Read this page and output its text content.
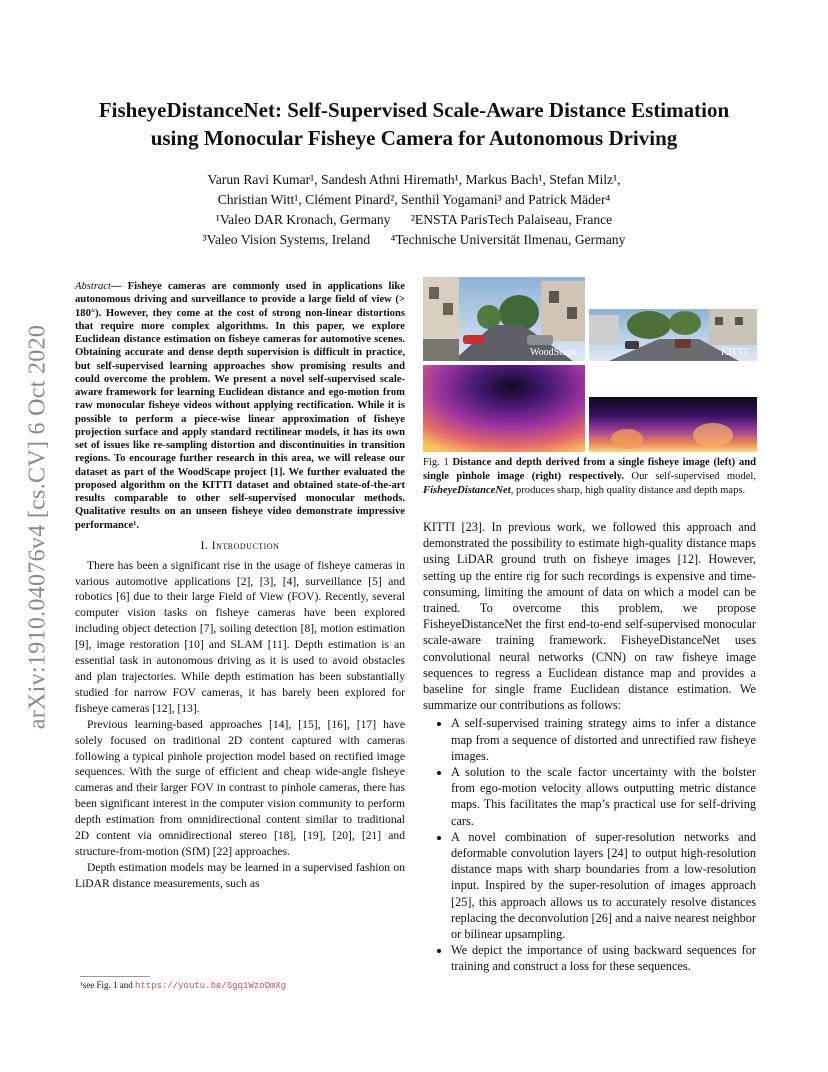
FisheyeDistanceNet: Self-Supervised Scale-Aware Distance Estimation
using Monocular Fisheye Camera for Autonomous Driving
Varun Ravi Kumar¹, Sandesh Athni Hiremath¹, Markus Bach¹, Stefan Milz¹,
Christian Witt¹, Clément Pinard², Senthil Yogamani³ and Patrick Mäder⁴
¹Valeo DAR Kronach, Germany ²ENSTA ParisTech Palaiseau, France
³Valeo Vision Systems, Ireland ⁴Technische Universität Ilmenau, Germany
arXiv:1910.04076v4 [cs.CV] 6 Oct 2020
Abstract— Fisheye cameras are commonly used in applications like autonomous driving and surveillance to provide a large field of view (> 180°). However, they come at the cost of strong non-linear distortions that require more complex algorithms. In this paper, we explore Euclidean distance estimation on fisheye cameras for automotive scenes. Obtaining accurate and dense depth supervision is difficult in practice, but self-supervised learning approaches show promising results and could overcome the problem. We present a novel self-supervised scale-aware framework for learning Euclidean distance and ego-motion from raw monocular fisheye videos without applying rectification. While it is possible to perform a piece-wise linear approximation of fisheye projection surface and apply standard rectilinear models, it has its own set of issues like re-sampling distortion and discontinuities in transition regions. To encourage further research in this area, we will release our dataset as part of the WoodScape project [1]. We further evaluated the proposed algorithm on the KITTI dataset and obtained state-of-the-art results comparable to other self-supervised monocular methods. Qualitative results on an unseen fisheye video demonstrate impressive performance¹.
I. Introduction

There has been a significant rise in the usage of fisheye cameras in various automotive applications [2], [3], [4], surveillance [5] and robotics [6] due to their large Field of View (FOV). Recently, several computer vision tasks on fisheye cameras have been explored including object detection [7], soiling detection [8], motion estimation [9], image restoration [10] and SLAM [11]. Depth estimation is an essential task in autonomous driving as it is used to avoid obstacles and plan trajectories. While depth estimation has been substantially studied for narrow FOV cameras, it has barely been explored for fisheye cameras [12], [13].

Previous learning-based approaches [14], [15], [16], [17] have solely focused on traditional 2D content captured with cameras following a typical pinhole projection model based on rectified image sequences. With the surge of efficient and cheap wide-angle fisheye cameras and their larger FOV in contrast to pinhole cameras, there has been significant interest in the computer vision community to perform depth estimation from omnidirectional content similar to traditional 2D content via omnidirectional stereo [18], [19], [20], [21] and structure-from-motion (SfM) [22] approaches.

Depth estimation models may be learned in a supervised fashion on LiDAR distance measurements, such as

¹see Fig. 1 and https://youtu.be/Sgq1WzoOmXg
WoodScape	KITTI
Fig. 1 Distance and depth derived from a single fisheye image (left) and single pinhole image (right) respectively. Our self-supervised model, FisheyeDistanceNet, produces sharp, high quality distance and depth maps.

KITTI [23]. In previous work, we followed this approach and demonstrated the possibility to estimate high-quality distance maps using LiDAR ground truth on fisheye images [12]. However, setting up the entire rig for such recordings is expensive and time-consuming, limiting the amount of data on which a model can be trained. To overcome this problem, we propose FisheyeDistanceNet the first end-to-end self-supervised monocular scale-aware training framework. FisheyeDistanceNet uses convolutional neural networks (CNN) on raw fisheye image sequences to regress a Euclidean distance map and provides a baseline for single frame Euclidean distance estimation. We summarize our contributions as follows:

• A self-supervised training strategy aims to infer a distance map from a sequence of distorted and unrectified raw fisheye images.
• A solution to the scale factor uncertainty with the bolster from ego-motion velocity allows outputting metric distance maps. This facilitates the map’s practical use for self-driving cars.
• A novel combination of super-resolution networks and deformable convolution layers [24] to output high-resolution distance maps with sharp boundaries from a low-resolution input. Inspired by the super-resolution of images approach [25], this approach allows us to accurately resolve distances replacing the deconvolution [26] and a naive nearest neighbor or bilinear upsampling.
• We depict the importance of using backward sequences for training and construct a loss for these sequences.
